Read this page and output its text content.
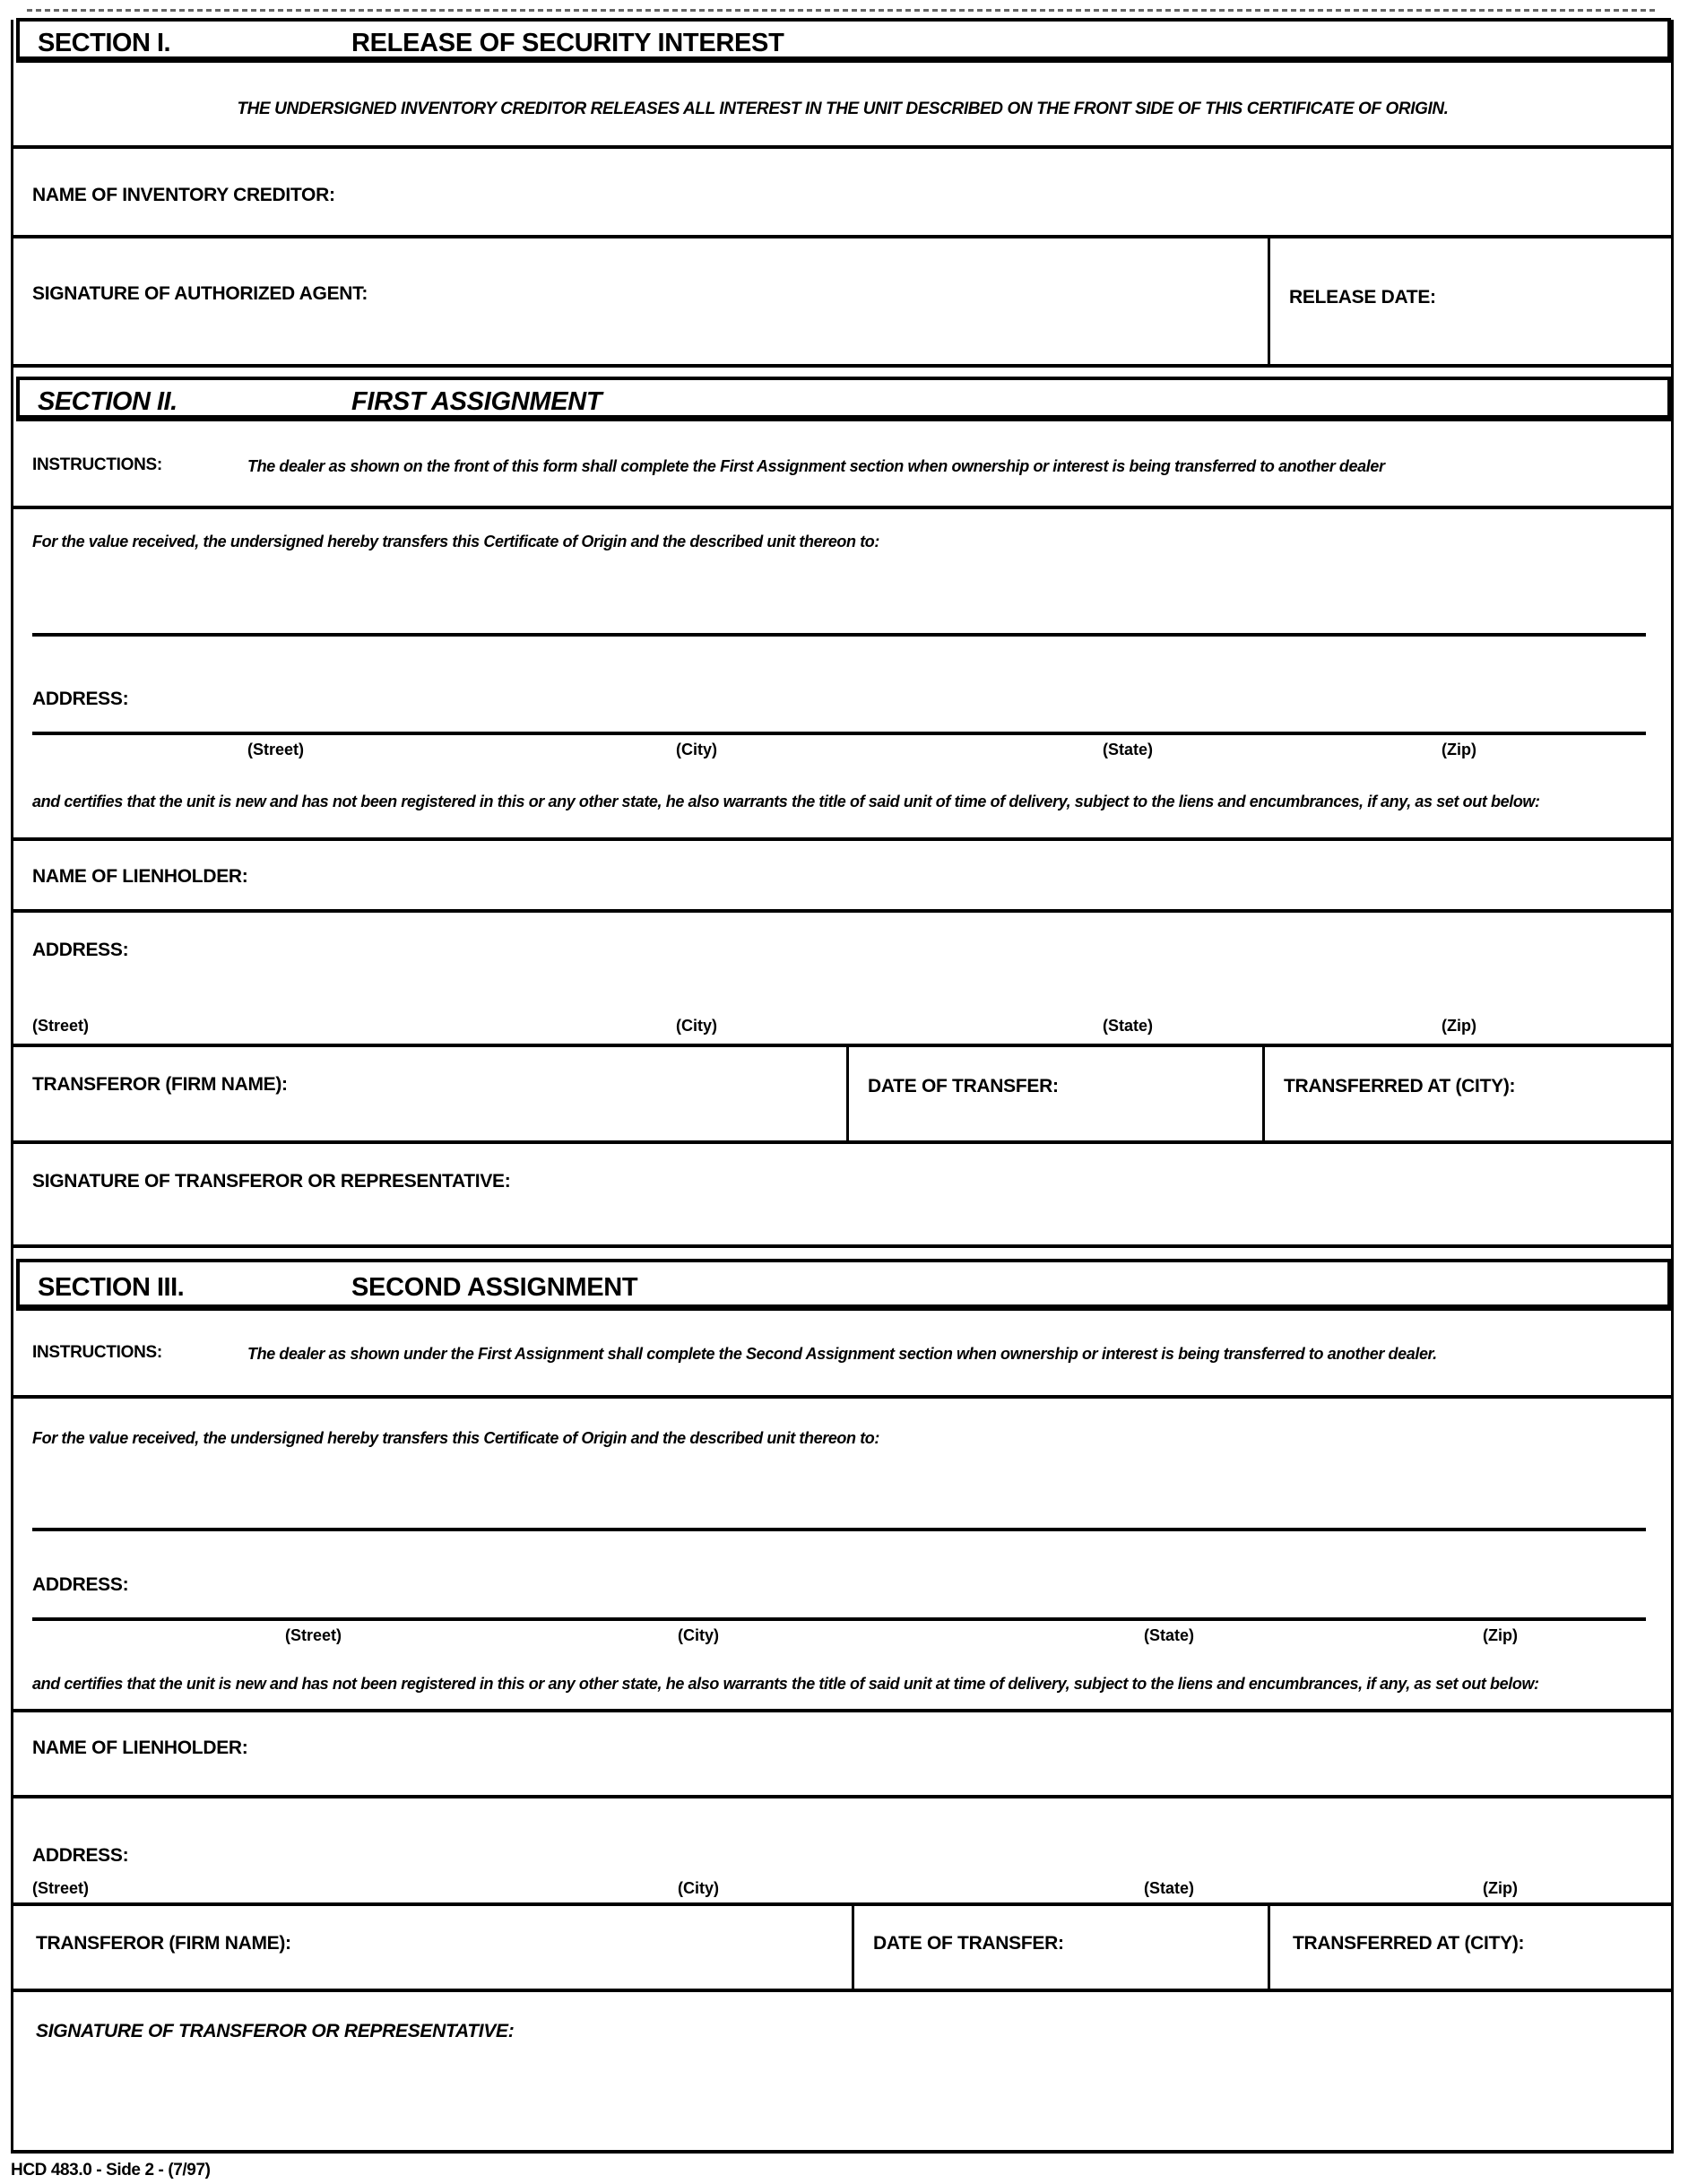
SECTION I.	RELEASE OF SECURITY INTEREST
THE UNDERSIGNED INVENTORY CREDITOR RELEASES ALL INTEREST IN THE UNIT DESCRIBED ON THE FRONT SIDE OF THIS CERTIFICATE OF ORIGIN.
NAME OF INVENTORY CREDITOR:
SIGNATURE OF AUTHORIZED AGENT:	RELEASE DATE:
SECTION II.	FIRST ASSIGNMENT
INSTRUCTIONS:	The dealer as shown on the front of this form shall complete the First Assignment section when ownership or interest is being transferred to another dealer
For the value received, the undersigned hereby transfers this Certificate of Origin and the described unit thereon to:
ADDRESS:
(Street)	(City)	(State)	(Zip)
and certifies that the unit is new and has not been registered in this or any other state, he also warrants the title of said unit of time of delivery, subject to the liens and encumbrances, if any, as set out below:
NAME OF LIENHOLDER:
ADDRESS:
(Street)	(City)	(State)	(Zip)
TRANSFEROR (FIRM NAME):	DATE OF TRANSFER:	TRANSFERRED AT (CITY):
SIGNATURE OF TRANSFEROR OR REPRESENTATIVE:
SECTION III.	SECOND ASSIGNMENT
INSTRUCTIONS:	The dealer as shown under the First Assignment shall complete the Second Assignment section when ownership or interest is being transferred to another dealer.
For the value received, the undersigned hereby transfers this Certificate of Origin and the described unit thereon to:
ADDRESS:
(Street)	(City)	(State)	(Zip)
and certifies that the unit is new and has not been registered in this or any other state, he also warrants the title of said unit at time of delivery, subject to the liens and encumbrances, if any, as set out below:
NAME OF LIENHOLDER:
ADDRESS:
(Street)	(City)	(State)	(Zip)
TRANSFEROR (FIRM NAME):	DATE OF TRANSFER:	TRANSFERRED AT (CITY):
SIGNATURE OF TRANSFEROR OR REPRESENTATIVE:
HCD 483.0 - Side 2 - (7/97)
